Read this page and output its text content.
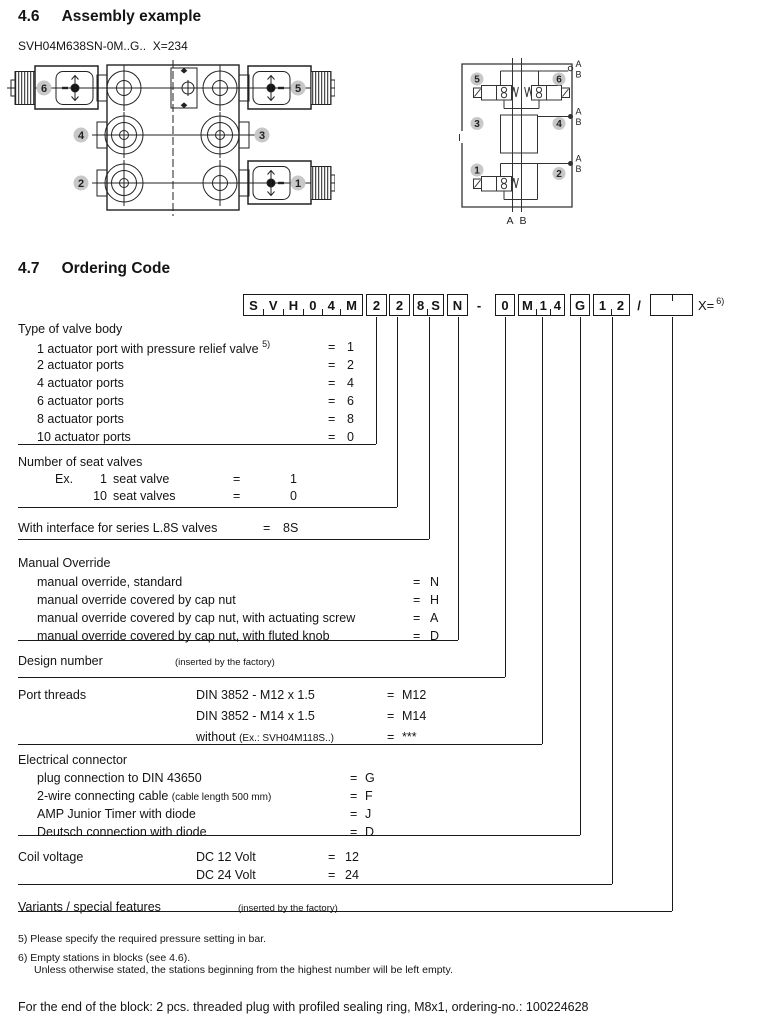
4.6 Assembly example
SVH04M638SN-0M..G..  X=234
6	5
4	3
2	1
A
B
A
B
A
B
A B
5	6
3	4
1	2
4.7 Ordering Code
S V H 0 4 M 2 2 8 S N - 0 M 1 4 G 1 2 /	X=$^{6)}$
Type of valve body
1 actuator port with pressure relief valve $^{5)}$	= 1
2 actuator ports	= 2
4 actuator ports	= 4
6 actuator ports	= 6
8 actuator ports	= 8
10 actuator ports	= 0
Number of seat valves
Ex.	1 seat valve	=	1
10 seat valves	=	0
With interface for series L.8S valves	= 8S
Manual Override
manual override, standard	= N
manual override covered by cap nut	= H
manual override covered by cap nut, with actuating screw	= A
manual override covered by cap nut, with fluted knob	= D
Design number	(inserted by the factory)
Port threads	DIN 3852 - M12 x 1.5	= M12
DIN 3852 - M14 x 1.5	= M14
without (Ex.: SVH04M118S..)	= ***
Electrical connector
plug connection to DIN 43650	= G
2-wire connecting cable (cable length 500 mm)	= F
AMP Junior Timer with diode	= J
Deutsch connection with diode	= D
Coil voltage	DC 12 Volt	= 12
DC 24 Volt	= 24
Variants / special features	(inserted by the factory)
5) Please specify the required pressure setting in bar.
6) Empty stations in blocks (see 4.6).
Unless otherwise stated, the stations beginning from the highest number will be left empty.
For the end of the block: 2 pcs. threaded plug with profiled sealing ring, M8x1, ordering-no.: 100224628
